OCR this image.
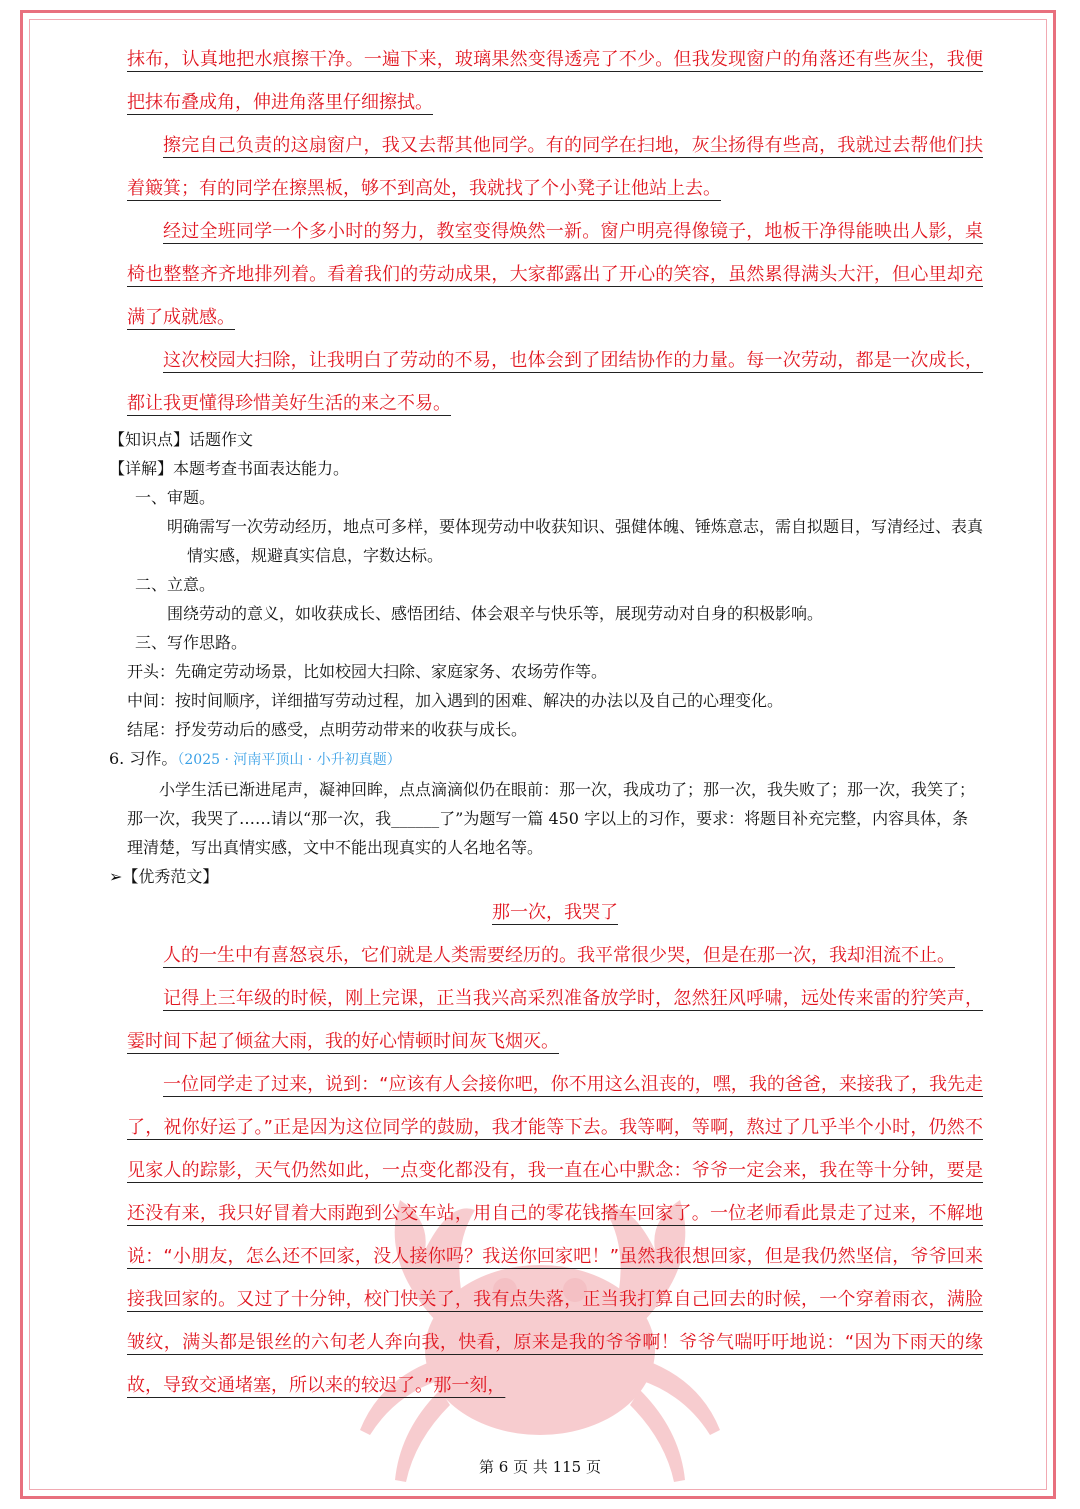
抹布，认真地把水痕擦干净。一遍下来，玻璃果然变得透亮了不少。但我发现窗户的角落还有些灰尘，我便把抹布叠成角，伸进角落里仔细擦拭。

擦完自己负责的这扇窗户，我又去帮其他同学。有的同学在扫地，灰尘扬得有些高，我就过去帮他们扶着簸箕；有的同学在擦黑板，够不到高处，我就找了个小凳子让他站上去。

经过全班同学一个多小时的努力，教室变得焕然一新。窗户明亮得像镜子，地板干净得能映出人影，桌椅也整整齐齐地排列着。看着我们的劳动成果，大家都露出了开心的笑容，虽然累得满头大汗，但心里却充满了成就感。

这次校园大扫除，让我明白了劳动的不易，也体会到了团结协作的力量。每一次劳动，都是一次成长，都让我更懂得珍惜美好生活的来之不易。

【知识点】话题作文

【详解】本题考查书面表达能力。

一、审题。

明确需写一次劳动经历，地点可多样，要体现劳动中收获知识、强健体魄、锤炼意志，需自拟题目，写清经过、表真情实感，规避真实信息，字数达标。

二、立意。

围绕劳动的意义，如收获成长、感悟团结、体会艰辛与快乐等，展现劳动对自身的积极影响。

三、写作思路。

开头：先确定劳动场景，比如校园大扫除、家庭家务、农场劳作等。

中间：按时间顺序，详细描写劳动过程，加入遇到的困难、解决的办法以及自己的心理变化。

结尾：抒发劳动后的感受，点明劳动带来的收获与成长。

6. 习作。（2025 · 河南平顶山 · 小升初真题）

小学生活已渐进尾声，凝神回眸，点点滴滴似仍在眼前：那一次，我成功了；那一次，我失败了；那一次，我笑了；那一次，我哭了……请以“那一次，我______了”为题写一篇 450 字以上的习作，要求：将题目补充完整，内容具体，条理清楚，写出真情实感，文中不能出现真实的人名地名等。

➢【优秀范文】

那一次，我哭了

人的一生中有喜怒哀乐，它们就是人类需要经历的。我平常很少哭，但是在那一次，我却泪流不止。

记得上三年级的时候，刚上完课，正当我兴高采烈准备放学时，忽然狂风呼啸，远处传来雷的狞笑声，霎时间下起了倾盆大雨，我的好心情顿时间灰飞烟灭。

一位同学走了过来，说到：“应该有人会接你吧，你不用这么沮丧的，嘿，我的爸爸，来接我了，我先走了，祝你好运了。”正是因为这位同学的鼓励，我才能等下去。我等啊，等啊，熬过了几乎半个小时，仍然不见家人的踪影，天气仍然如此，一点变化都没有，我一直在心中默念：爷爷一定会来，我在等十分钟，要是还没有来，我只好冒着大雨跑到公交车站，用自己的零花钱搭车回家了。一位老师看此景走了过来，不解地说：“小朋友，怎么还不回家，没人接你吗？我送你回家吧！”虽然我很想回家，但是我仍然坚信，爷爷回来接我回家的。又过了十分钟，校门快关了，我有点失落，正当我打算自己回去的时候，一个穿着雨衣，满脸皱纹，满头都是银丝的六旬老人奔向我，快看，原来是我的爷爷啊！爷爷气喘吁吁地说：“因为下雨天的缘故，导致交通堵塞，所以来的较迟了。”那一刻，

第 6 页 共 115 页
